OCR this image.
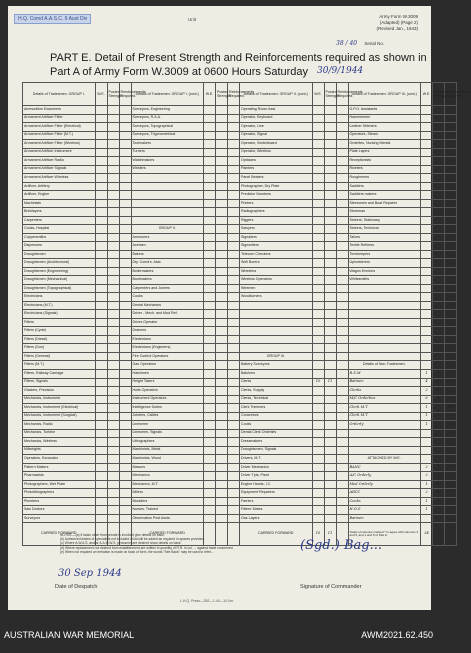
H.Q. Comd A.A.S.C. 9 Aust Div	Unit
Army Form W.3009
(Adapted) (Page 2)
(Revised Jan., 1943)
38 / 40 Serial No.
PART E. Detail of Present Strength and Reinforcements required as shown in
Part A of Army Form W.3009 at 0600 Hours Saturday 30/9/1944
Details of Tradesmen. GROUP I.	W.E.	Posted Strength.	Reinforcements Required.	Details of Tradesmen. GROUP I. (cont.)	W.E.	Posted Strength.	Reinforcements Required.	Details of Tradesmen. GROUP II. (cont.)	W.E.	Posted Strength.	Reinforcements Required.	Details of Tradesmen. GROUP III. (cont.)	W.E.	Posted Strength.	Reinforcements Required.
Ammunition Examiners				Surveyors, Engineering				Operating Room Asst.				G.P.O. Assistants			
Armament Artificer Fitter				Surveyors, R.A.A.				Operator, Keyboard				Hammermen			
Armament Artificer Fitter (Electrical)				Surveyors, Topographical				Operator, Line				Leather Stitchers			
Armament Artificer Fitter (M.T.)				Surveyors, Trigonometrical				Operator, Signal				Operators, Steam			
Armament Artificer Fitter (Wireless)				Toolmakers				Operator, Switchboard				Orderlies, Nursing Mental			
Armament Artificer Instrument				Turners				Operator, Wireless				Plate Layers			
Armament Artificer Radio				Watchmakers				Opticians				Receptionists			
Armament Artificer Signals				Welders				Painters				Riveters			
Armament Artificer Wireless								Panel Beaters				Rougheners			
Artificer, Artillery								Photographer, Dry Plate				Saddlers			
Artificer, Engine								Predictor Numbers				Saddlers makers			
Machinists								Printers				Steersmen and Boat Repairer			
Bricklayers								Radiographers				Storeman			
Carpenters								Riggers				Stokers, Stationary			
Cooks, Hospital				GROUP II.				Sawyers				Stokers, Technical			
Coppersmiths				Armourers				Signallers				Tailors			
Dispensers				Axemen				Signwriters				Textile Refiners			
Draughtsmen				Bakers				Telecom Checkers				Timekeepers			
Draughtsmen (Architectural)				Dty. Comd's. Asst.				Well Borers				Upholsterers			
Draughtsmen (Engineering)				Boilermakers				Wheelers				Wagon Erectors			
Draughtsmen (Mechanical)				Bootmakers				Wireless Operators				Whitesmiths			
Draughtsmen (Topographical)				Carpenters and Joiners				Wiremen							
Electricians				Cooks				Woodturners							
Electricians (M.T.)				Dental Mechanics											
Electricians (Signals)				Driver - Mech. and Mod Ref.											
Fitters				Driver-Operator											
Fitters (Cycle)				Drainers											
Fitters (Diesel)				Electricians											
Fitters (Gun)				Electricians (Engineers)											
Fitters (General)				Fire Control Operators				GROUP III.							
Fitters (M.T.)				Gas Operators				Battery Surveyors				Details of Non-Tradesmen.			
Fitters, Railway Carriage				Hatchmen				Batchers				R.S.M	1	1	
Fitters, Signals				Height Takers				Clerks	10	11		Batmen	4	3	1
Glaziers, Precision				Holts Operators				Clerks, Supply				Clerks	2	2	
Mechanics, Instrument				Instrument Operators				Clerks, Technical				M/C Orderlies	6	4	2
Mechanics, Instrument (Electrical)				Intelligence Duties				Clerk Trimmers				Clerk M.T	1	-	NR
Mechanics, Instrument (Surgical)				Jointers, Cables				Concretors				Clerk M.T	1	1	1
Mechanics, Radio				Linesmen				Cooks				Orderly	1		1
Mechanics, Turbine				Linesmen, Signals				Dental Clerk Orderlies							
Mechanics, Wireless				Lithographers				Dressmakers							
Millwrights				Machinists, Metal				Draughtsmen, Signals							
Operators, Excavator				Machinists, Wood				Drivers, M.T.				ATTACHED BY W.E.			
Pattern Makers				Masons				Driver Mechanics				BANC	2	1	1
Pharmacists				Mechanics				Driver Tpts, Plant				A/C Orderly	2	1	1
Photographers, Wet Plate				Mechanics, M.T.				Engine Hands, I.C.				Med Orderly	1	1	
Photolithographers				Millers				Equipment Repairers				ARCC	2	2	2
Plumbers				Moulders				Farriers				Cooks	1	1	
Saw Doctors				Nurses, Trained				Fitters' Mates				H.O.G	1		1
Surveyors				Observation Post Assts.				Gas Layers				Batmen			
CARRIED FORWARD				CARRIED FORWARD				CARRIED FORWARD	10	11		Totals of columns marked * to agree with columns 4 and 5, and 1 and 5 of Part A.	34	39	
NOTES.—(a) If tasks other than private is involved give details on back.
(b) Authorized trades of specialists not included in list will be added as required in spaces provided.
(c) Where A.W.A.S. and/or A.A.M.W.S. personnel are desired show details on back.
(d) Where replacement not desired from establishment are written in quantity of R.R. in col. ... against trade concerned.
(e) When not required an irrelation is made on back of form, the words "See Back" may be used to refer...	(Sgd.) Bag...
30 Sep 1944
Date of Despatch	Signature of Commander
L.H.Q. Press—352—1.44—10,0m.
AUSTRALIAN WAR MEMORIAL	AWM2021.62.450
